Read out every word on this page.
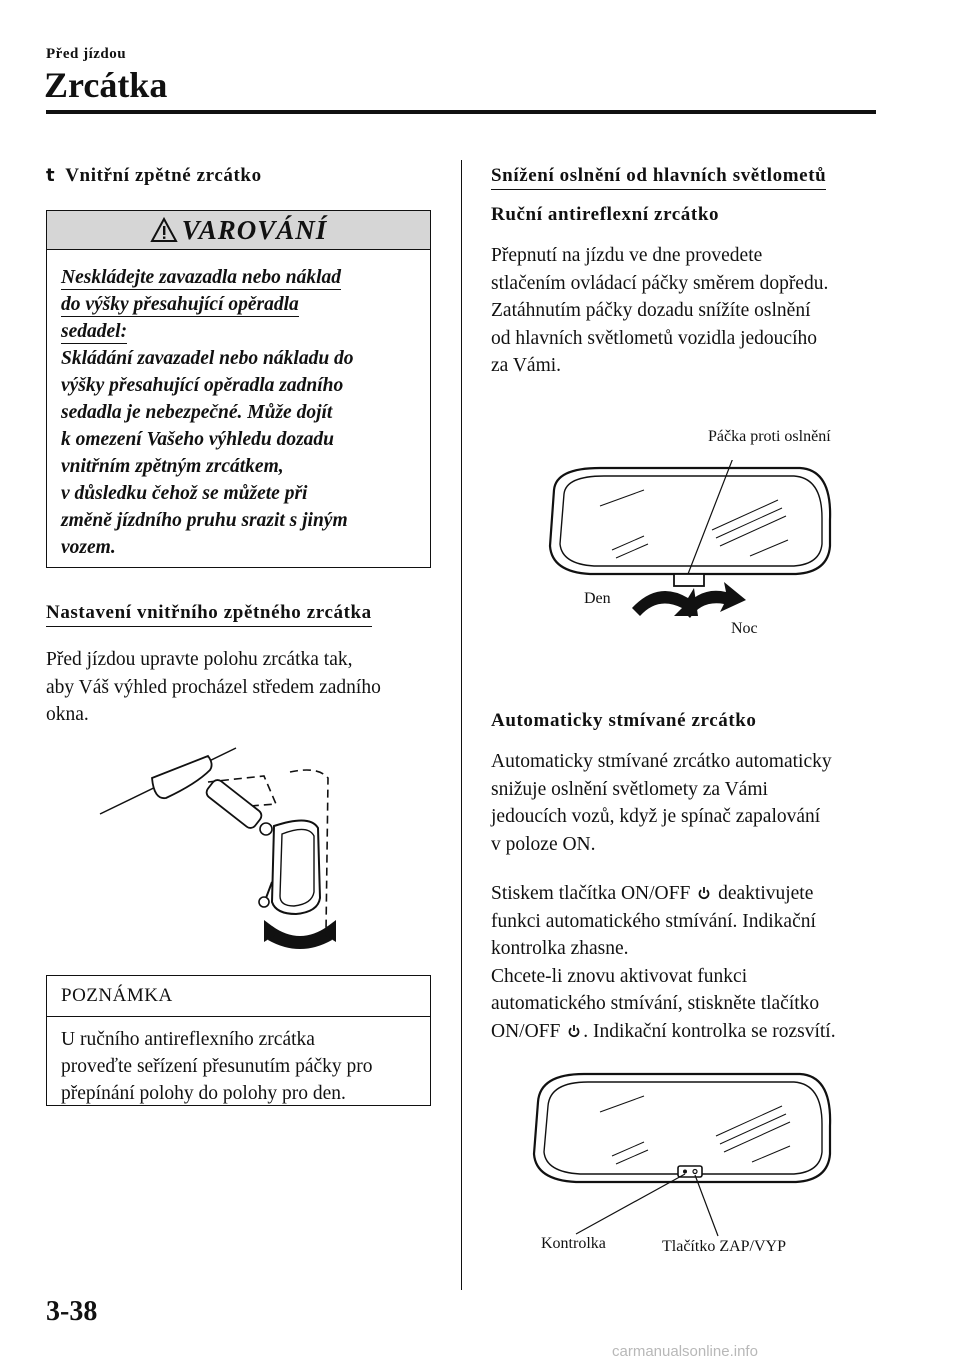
Před jízdou
Zrcátka
t Vnitřní zpětné zrcátko
VAROVÁNÍ
Neskládejte zavazadla nebo náklad
do výšky přesahující opěradla
sedadel:
Skládání zavazadel nebo nákladu do
výšky přesahující opěradla zadního
sedadla je nebezpečné. Může dojít
k omezení Vašeho výhledu dozadu
vnitřním zpětným zrcátkem,
v důsledku čehož se můžete při
změně jízdního pruhu srazit s jiným
vozem.
Nastavení vnitřního zpětného zrcátka

Před jízdou upravte polohu zrcátka tak,

aby Váš výhled procházel středem zadního

okna.

POZNÁMKA
U ručního antireflexního zrcátka
proveďte seřízení přesunutím páčky pro
přepínání polohy do polohy pro den.
Snížení oslnění od hlavních světlometů
Ruční antireflexní zrcátko

Přepnutí na jízdu ve dne provedete

stlačením ovládací páčky směrem dopředu.

Zatáhnutím páčky dozadu snížíte oslnění

od hlavních světlometů vozidla jedoucího

za Vámi.

Páčka proti oslnění
Den
Noc
Automaticky stmívané zrcátko

Automaticky stmívané zrcátko automaticky

snižuje oslnění světlomety za Vámi

jedoucích vozů, když je spínač zapalování

v poloze ON.

Stiskem tlačítka ON/OFF deaktivujete

funkci automatického stmívání. Indikační

kontrolka zhasne.

Chcete-li znovu aktivovat funkci

automatického stmívání, stiskněte tlačítko

ON/OFF . Indikační kontrolka se rozsvítí.

Kontrolka	Tlačítko ZAP/VYP
3-38
carmanualsonline.info
